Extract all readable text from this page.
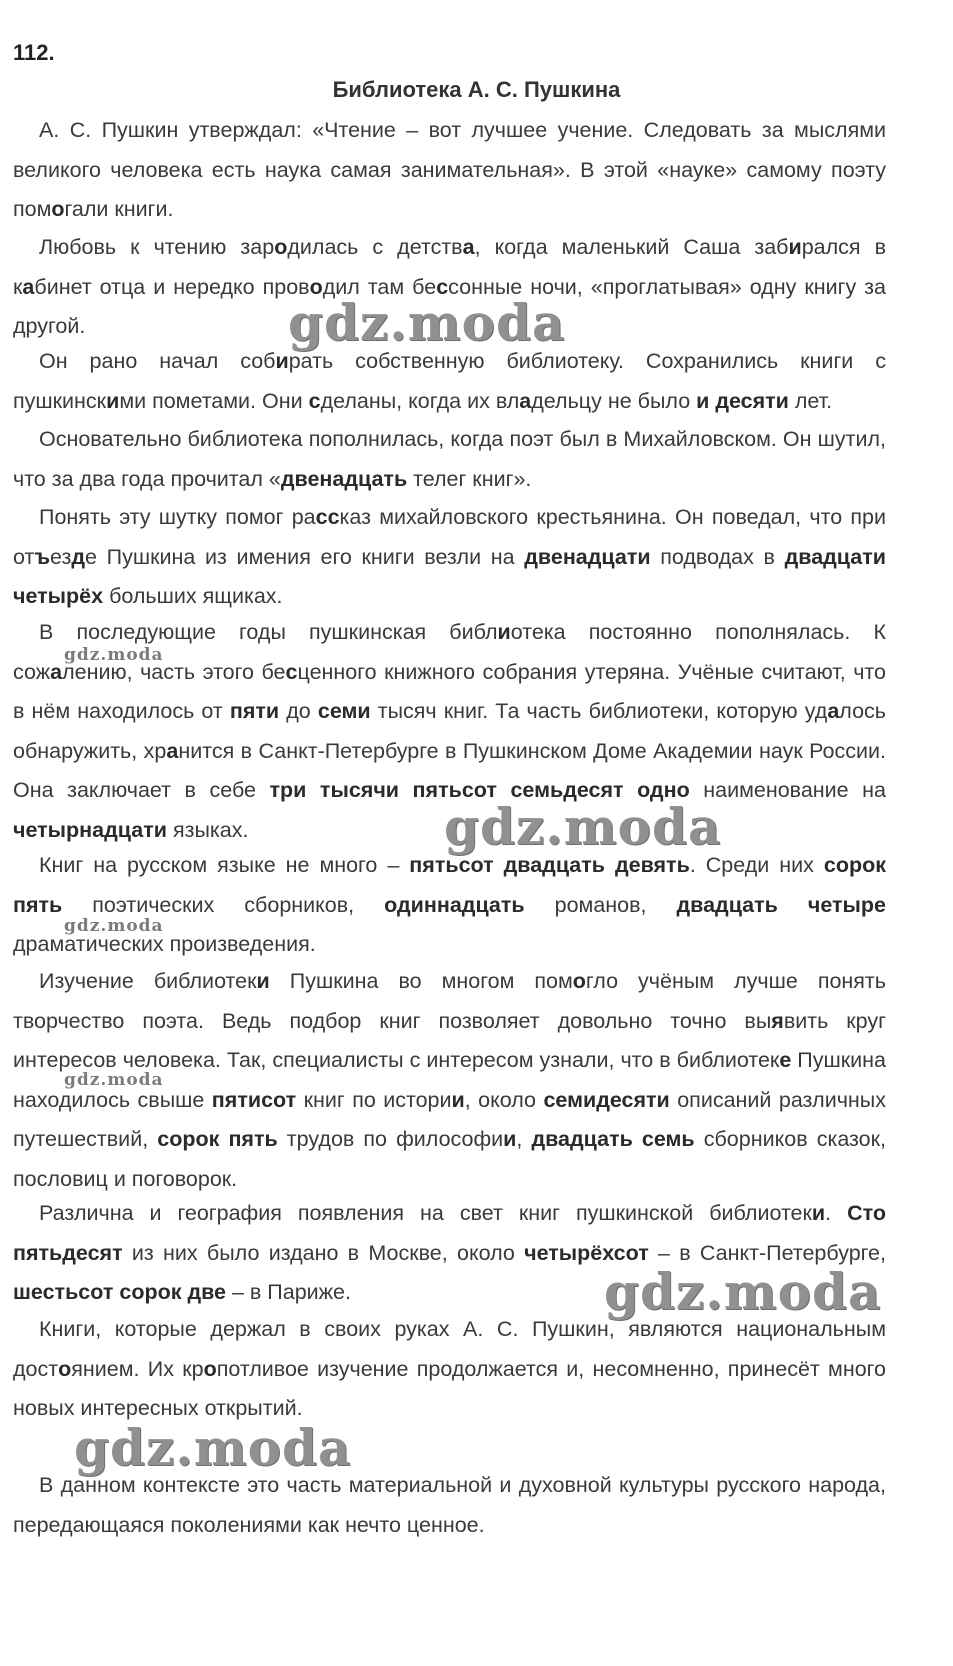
112.
Библиотека А. С. Пушкина

А. С. Пушкин утверждал: «Чтение – вот лучшее учение. Следовать за мыслями великого человека есть наука самая занимательная». В этой «науке» самому поэту помогали книги.

Любовь к чтению зародилась с детства, когда маленький Саша забирался в кабинет отца и нередко проводил там бессонные ночи, «проглатывая» одну книгу за другой.

Он рано начал собирать собственную библиотеку. Сохранились книги с пушкинскими пометами. Они сделаны, когда их владельцу не было и десяти лет.

Основательно библиотека пополнилась, когда поэт был в Михайловском. Он шутил, что за два года прочитал «двенадцать телег книг».

Понять эту шутку помог рассказ михайловского крестьянина. Он поведал, что при отъезде Пушкина из имения его книги везли на двенадцати подводах в двадцати четырёх больших ящиках.

В последующие годы пушкинская библиотека постоянно пополнялась. К сожалению, часть этого бесценного книжного собрания утеряна. Учёные считают, что в нём находилось от пяти до семи тысяч книг. Та часть библиотеки, которую удалось обнаружить, хранится в Санкт-Петербурге в Пушкинском Доме Академии наук России. Она заключает в себе три тысячи пятьсот семьдесят одно наименование на четырнадцати языках.

Книг на русском языке не много – пятьсот двадцать девять. Среди них сорок пять поэтических сборников, одиннадцать романов, двадцать четыре драматических произведения.

Изучение библиотеки Пушкина во многом помогло учёным лучше понять творчество поэта. Ведь подбор книг позволяет довольно точно выявить круг интересов человека. Так, специалисты с интересом узнали, что в библиотеке Пушкина находилось свыше пятисот книг по истории, около семидесяти описаний различных путешествий, сорок пять трудов по философии, двадцать семь сборников сказок, пословиц и поговорок.

Различна и география появления на свет книг пушкинской библиотеки. Сто пятьдесят из них было издано в Москве, около четырёхсот – в Санкт-Петербурге, шестьсот сорок две – в Париже.

Книги, которые держал в своих руках А. С. Пушкин, являются национальным достоянием. Их кропотливое изучение продолжается и, несомненно, принесёт много новых интересных открытий.

В данном контексте это часть материальной и духовной культуры русского народа, передающаяся поколениями как нечто ценное.

gdz.moda
gdz.moda
gdz.moda
gdz.moda
gdz.moda
gdz.moda
gdz.moda
